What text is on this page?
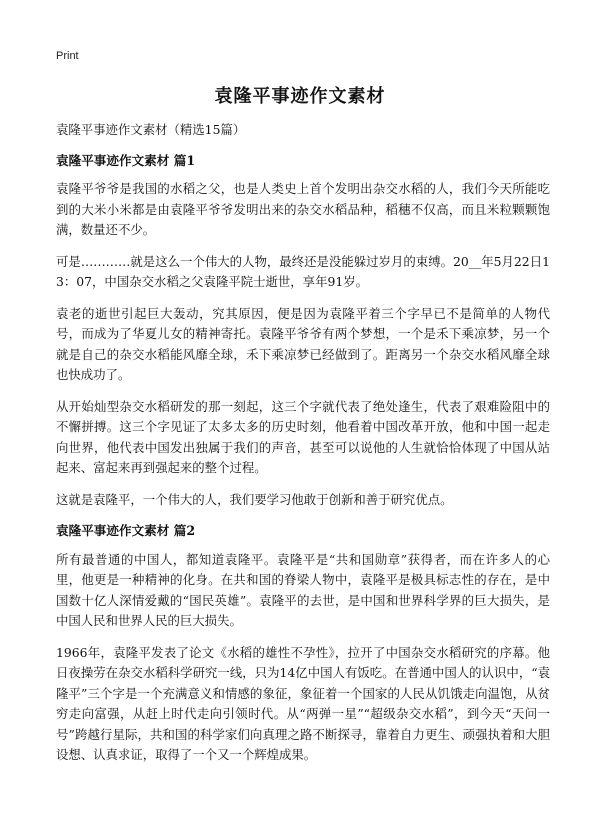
Print
袁隆平事迹作文素材
袁隆平事迹作文素材（精选15篇）
袁隆平事迹作文素材 篇1

袁隆平爷爷是我国的水稻之父，也是人类史上首个发明出杂交水稻的人，我们今天所能吃到的大米小米都是由袁隆平爷爷发明出来的杂交水稻品种，稻穗不仅高，而且米粒颗颗饱满，数量还不少。

可是…………就是这么一个伟大的人物，最终还是没能躲过岁月的束缚。20__年5月22日13：07，中国杂交水稻之父袁隆平院士逝世，享年91岁。

袁老的逝世引起巨大轰动，究其原因，便是因为袁隆平着三个字早已不是简单的人物代号，而成为了华夏儿女的精神寄托。袁隆平爷爷有两个梦想，一个是禾下乘凉梦，另一个就是自己的杂交水稻能风靡全球，禾下乘凉梦已经做到了。距离另一个杂交水稻风靡全球也快成功了。

从开始灿型杂交水稻研发的那一刻起，这三个字就代表了绝处逢生，代表了艰难险阻中的不懈拼搏。这三个字见证了太多太多的历史时刻，他看着中国改革开放，他和中国一起走向世界，他代表中国发出独属于我们的声音，甚至可以说他的人生就恰恰体现了中国从站起来、富起来再到强起来的整个过程。

这就是袁隆平，一个伟大的人，我们要学习他敢于创新和善于研究优点。

袁隆平事迹作文素材 篇2

所有最普通的中国人，都知道袁隆平。袁隆平是“共和国勋章”获得者，而在许多人的心里，他更是一种精神的化身。在共和国的脊梁人物中，袁隆平是极具标志性的存在，是中国数十亿人深情爱戴的“国民英雄”。袁隆平的去世，是中国和世界科学界的巨大损失，是中国人民和世界人民的巨大损失。

1966年，袁隆平发表了论文《水稻的雄性不孕性》，拉开了中国杂交水稻研究的序幕。他日夜操劳在杂交水稻科学研究一线，只为14亿中国人有饭吃。在普通中国人的认识中，“袁隆平”三个字是一个充满意义和情感的象征，象征着一个国家的人民从饥饿走向温饱，从贫穷走向富强，从赶上时代走向引领时代。从“两弹一星”“超级杂交水稻”，到今天“天问一号”跨越行星际，共和国的科学家们向真理之路不断探寻，靠着自力更生、顽强执着和大胆设想、认真求证，取得了一个又一个辉煌成果。
